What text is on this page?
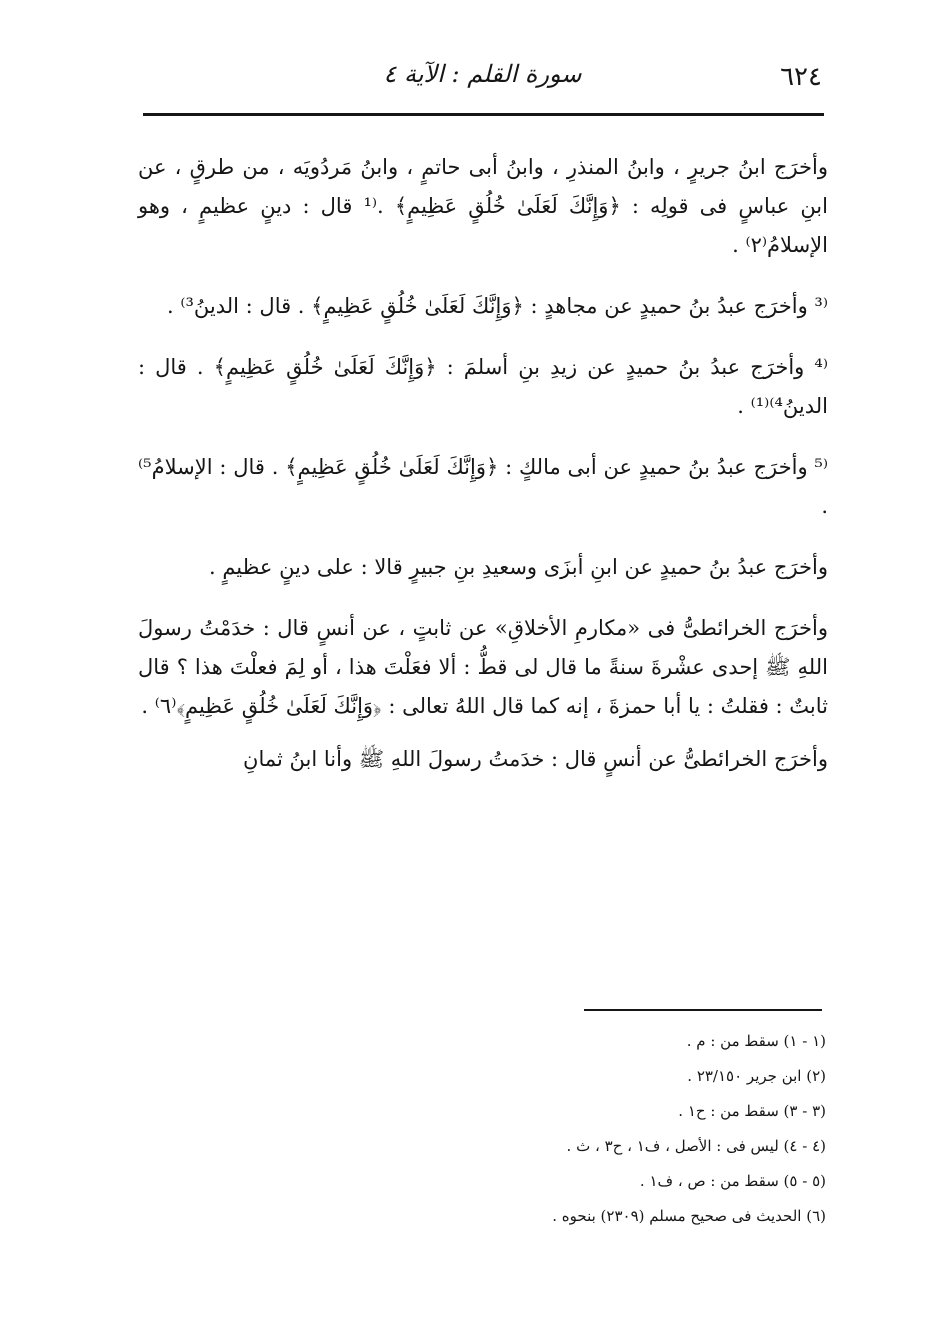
٦٢٤
سورة القلم : الآية ٤

وأخرَج ابنُ جريرٍ ، وابنُ المنذرِ ، وابنُ أبى حاتمٍ ، وابنُ مَردُويَه ، من طرقٍ ، عن ابنِ عباسٍ فى قولِه : ﴿وَإِنَّكَ لَعَلَىٰ خُلُقٍ عَظِيمٍ﴾ .⁽¹ قال : دينٍ عظيمٍ ، وهو الإسلامُ⁽٢⁾ .

⁽³ وأخرَج عبدُ بنُ حميدٍ عن مجاهدٍ : ﴿وَإِنَّكَ لَعَلَىٰ خُلُقٍ عَظِيمٍ﴾ . قال : الدينُ³⁾ .

⁽⁴ وأخرَج عبدُ بنُ حميدٍ عن زيدِ بنِ أسلمَ : ﴿وَإِنَّكَ لَعَلَىٰ خُلُقٍ عَظِيمٍ﴾ . قال : الدينُ⁴⁾⁽¹⁾ .

⁽⁵ وأخرَج عبدُ بنُ حميدٍ عن أبى مالكٍ : ﴿وَإِنَّكَ لَعَلَىٰ خُلُقٍ عَظِيمٍ﴾ . قال : الإسلامُ⁵⁾ .

وأخرَج عبدُ بنُ حميدٍ عن ابنِ أبزَى وسعيدِ بنِ جبيرٍ قالا : على دينٍ عظيمٍ .

وأخرَج الخرائطىُّ فى «مكارمِ الأخلاقِ» عن ثابتٍ ، عن أنسٍ قال : خدَمْتُ رسولَ اللهِ ﷺ إحدى عشْرةَ سنةً ما قال لى قطُّ : ألا فعَلْتَ هذا ، أو لِمَ فعلْتَ هذا ؟ قال ثابتٌ : فقلتُ : يا أبا حمزةَ ، إنه كما قال اللهُ تعالى : ﴿وَإِنَّكَ لَعَلَىٰ خُلُقٍ عَظِيمٍ﴾⁽٦⁾ .

وأخرَج الخرائطىُّ عن أنسٍ قال : خدَمتُ رسولَ اللهِ ﷺ وأنا ابنُ ثمانِ

(١ - ١) سقط من : م .
(٢) ابن جرير ٢٣/١٥٠ .
(٣ - ٣) سقط من : ح١ .
(٤ - ٤) ليس فى : الأصل ، ف١ ، ح٣ ، ث .
(٥ - ٥) سقط من : ص ، ف١ .
(٦) الحديث فى صحيح مسلم (٢٣٠٩) بنحوه .
